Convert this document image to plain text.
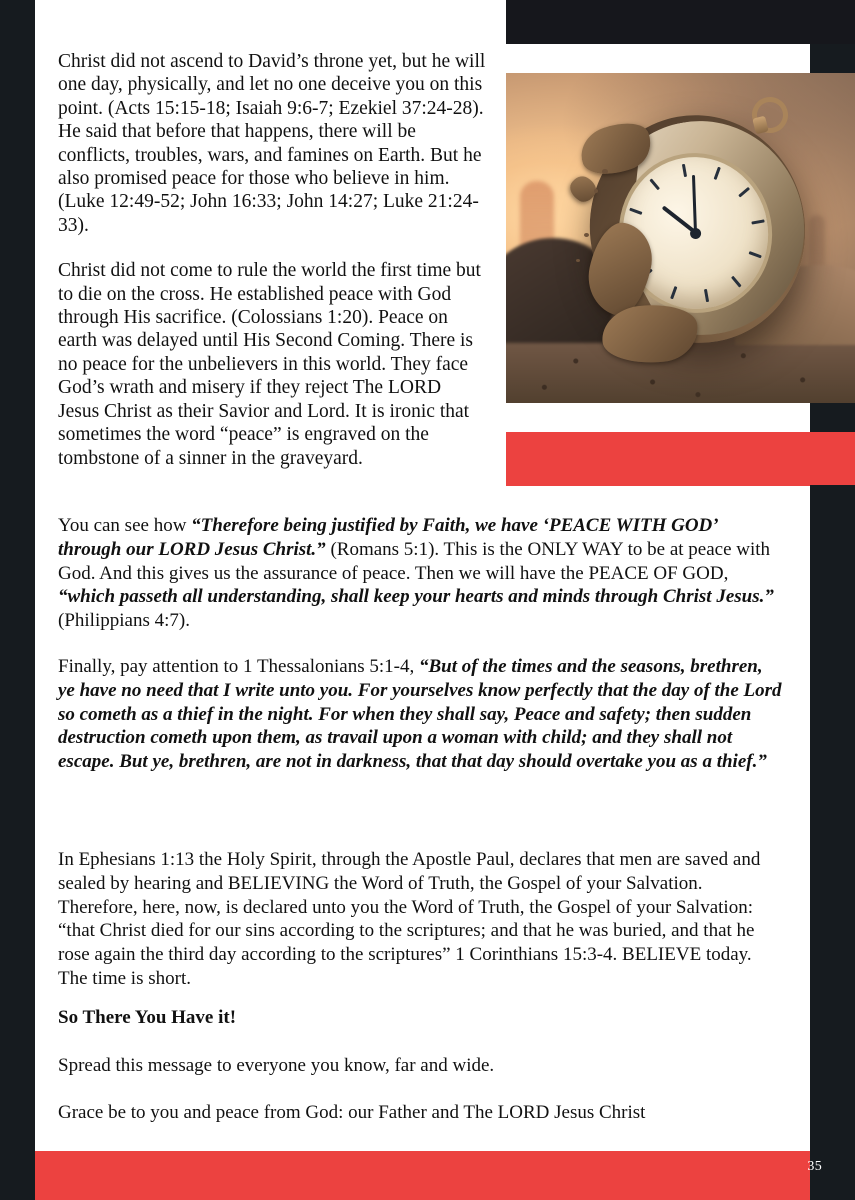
Christ did not ascend to David’s throne yet, but he will one day, physically, and let no one deceive you on this point. (Acts 15:15-18; Isaiah 9:6-7; Ezekiel 37:24-28). He said that before that happens, there will be conflicts, troubles, wars, and famines on Earth. But he also promised peace for those who believe in him. (Luke 12:49-52; John 16:33; John 14:27; Luke 21:24-33).

Christ did not come to rule the world the first time but to die on the cross. He established peace with God through His sacrifice. (Colossians 1:20). Peace on earth was delayed until His Second Coming. There is no peace for the unbelievers in this world. They face God’s wrath and misery if they reject The LORD Jesus Christ as their Savior and Lord. It is ironic that sometimes the word “peace” is engraved on the tombstone of a sinner in the graveyard.

You can see how “Therefore being justified by Faith, we have ‘PEACE WITH GOD’ through our LORD Jesus Christ.” (Romans 5:1). This is the ONLY WAY to be at peace with God. And this gives us the assurance of peace. Then we will have the PEACE OF GOD, “which passeth all understanding, shall keep your hearts and minds through Christ Jesus.” (Philippians 4:7).

Finally, pay attention to 1 Thessalonians 5:1-4, “But of the times and the seasons, brethren, ye have no need that I write unto you. For yourselves know perfectly that the day of the Lord so cometh as a thief in the night. For when they shall say, Peace and safety; then sudden destruction cometh upon them, as travail upon a woman with child; and they shall not escape. But ye, brethren, are not in darkness, that that day should overtake you as a thief.”

In Ephesians 1:13 the Holy Spirit, through the Apostle Paul, declares that men are saved and sealed by hearing and BELIEVING the Word of Truth, the Gospel of your Salvation. Therefore, here, now, is declared unto you the Word of Truth, the Gospel of your Salvation: “that Christ died for our sins according to the scriptures; and that he was buried, and that he rose again the third day according to the scriptures” 1 Corinthians 15:3-4. BELIEVE today. The time is short.

So There You Have it!

Spread this message to everyone you know, far and wide.

Grace be to you and peace from God: our Father and The LORD Jesus Christ

35
